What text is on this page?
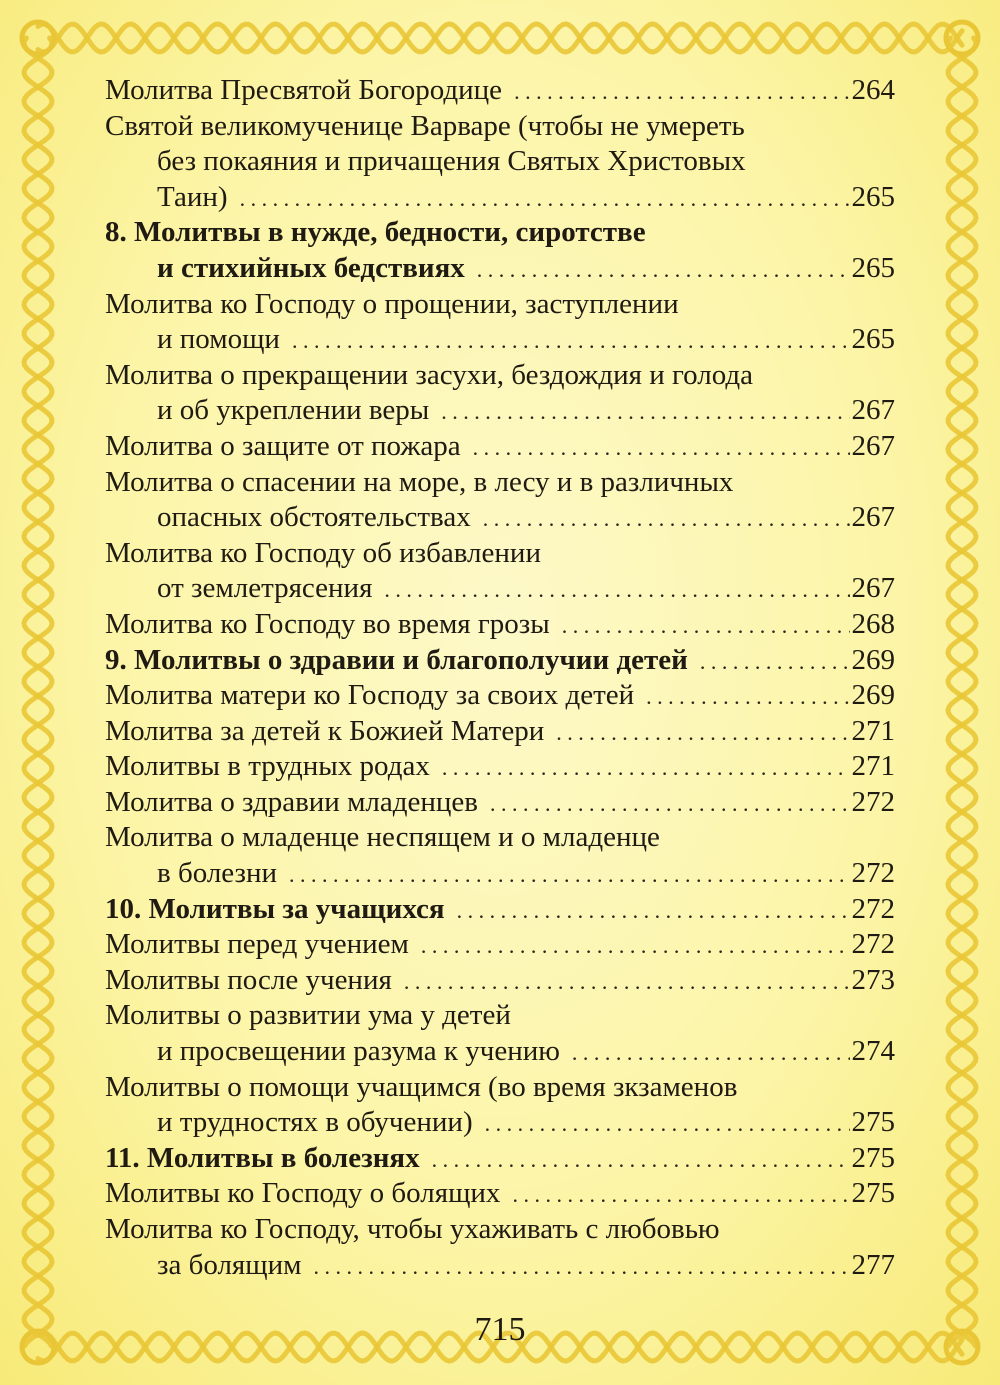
Молитва Пресвятой Богородице . . .	264
Святой великомученице Варваре (чтобы не умереть
без покаяния и причащения Святых Христовых
Таин) . . .	265
8. Молитвы в нужде, бедности, сиротстве
и стихийных бедствиях . . .	265
Молитва ко Господу о прощении, заступлении
и помощи . . .	265
Молитва о прекращении засухи, бездождия и голода
и об укреплении веры . . .	267
Молитва о защите от пожара . . .	267
Молитва о спасении на море, в лесу и в различных
опасных обстоятельствах . . .	267
Молитва ко Господу об избавлении
от землетрясения . . .	267
Молитва ко Господу во время грозы . . .	268
9. Молитвы о здравии и благополучии детей . . .	269
Молитва матери ко Господу за своих детей . . .	269
Молитва за детей к Божией Матери . . .	271
Молитвы в трудных родах . . .	271
Молитва о здравии младенцев . . .	272
Молитва о младенце неспящем и о младенце
в болезни . . .	272
10. Молитвы за учащихся . . .	272
Молитвы перед учением . . .	272
Молитвы после учения . . .	273
Молитвы о развитии ума у детей
и просвещении разума к учению . . .	274
Молитвы о помощи учащимся (во время зкзаменов
и трудностях в обучении) . . .	275
11. Молитвы в болезнях . . .	275
Молитвы ко Господу о болящих . . .	275
Молитва ко Господу, чтобы ухаживать с любовью
за болящим . . .	277
715
